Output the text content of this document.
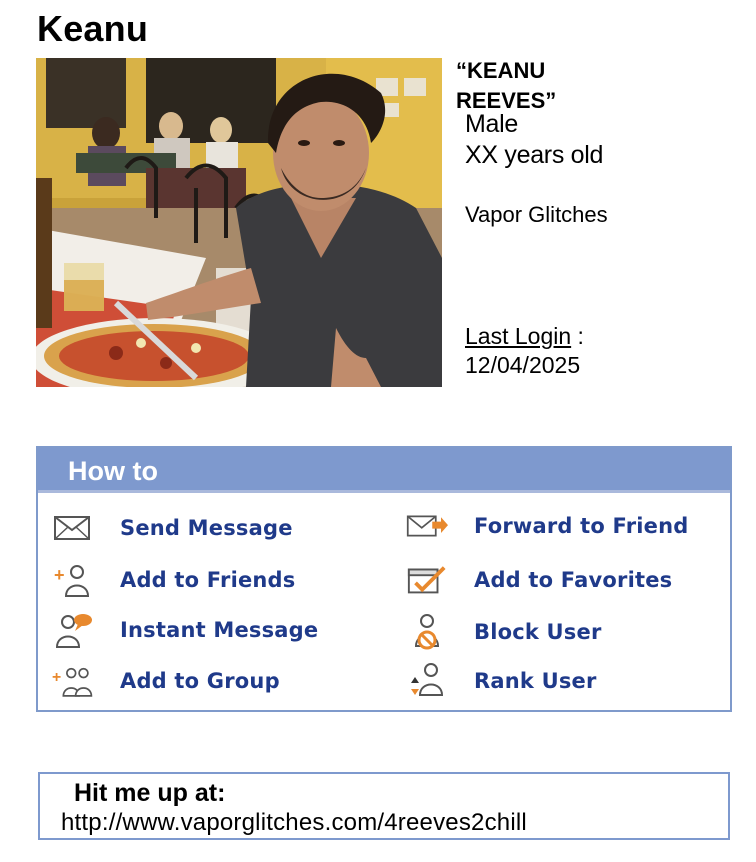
Keanu
“KEANU REEVES”
Male
XX years old
Vapor Glitches
Last Login :
12/04/2025
How to
Send Message	Forward to Friend
+	Add to Friends	Add to Favorites
Instant Message	Block User
+	Add to Group	Rank User
Hit me up at:
http://www.vaporglitches.com/4reeves2chill
